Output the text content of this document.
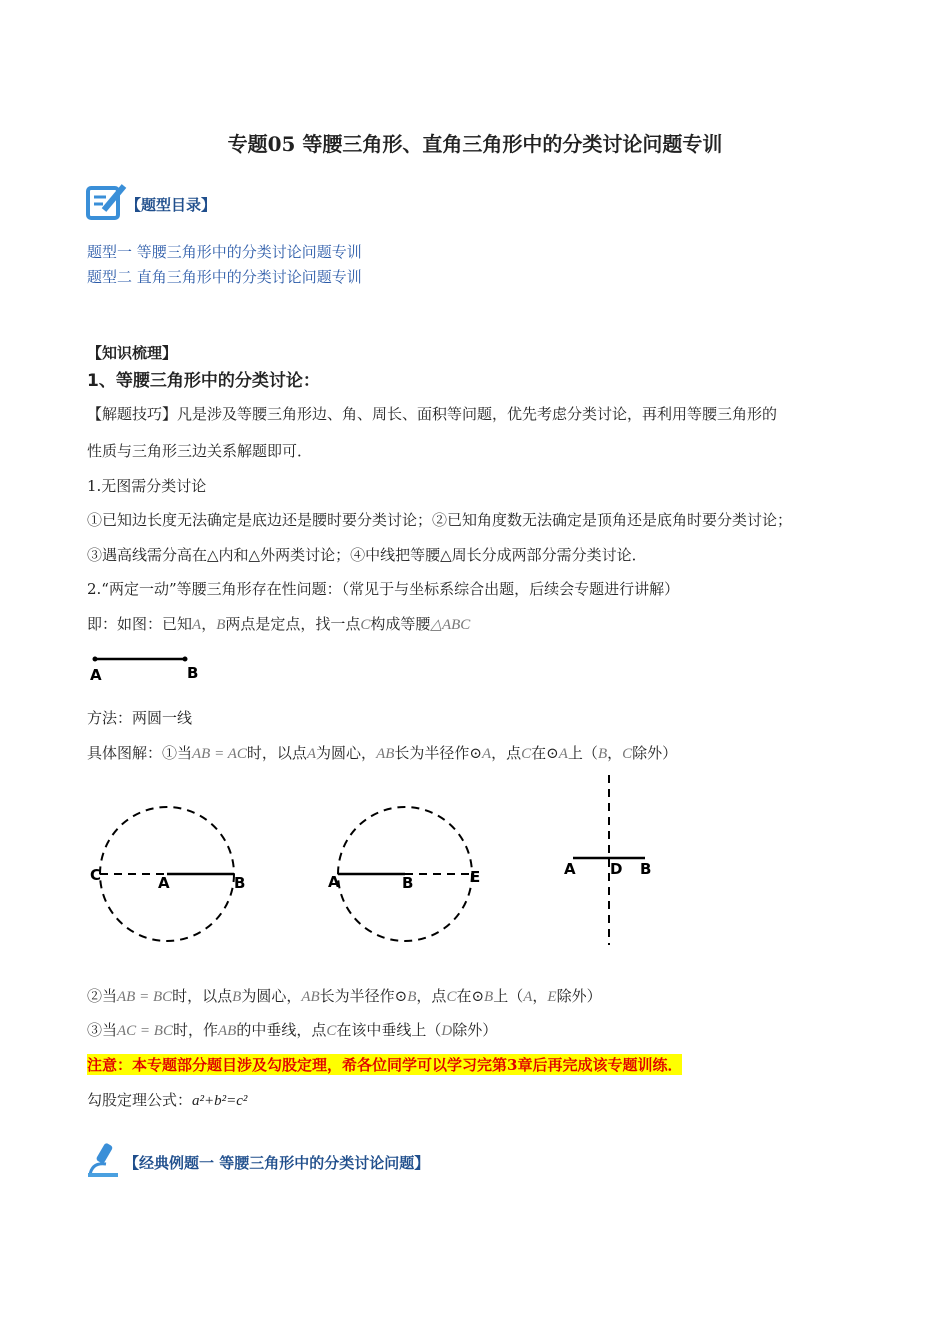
专题05 等腰三角形、直角三角形中的分类讨论问题专训
【题型目录】
题型一 等腰三角形中的分类讨论问题专训
题型二 直角三角形中的分类讨论问题专训
【知识梳理】
1、等腰三角形中的分类讨论：
【解题技巧】凡是涉及等腰三角形边、角、周长、面积等问题，优先考虑分类讨论，再利用等腰三角形的
性质与三角形三边关系解题即可．
1.无图需分类讨论
①已知边长度无法确定是底边还是腰时要分类讨论；②已知角度数无法确定是顶角还是底角时要分类讨论；
③遇高线需分高在△内和△外两类讨论；④中线把等腰△周长分成两部分需分类讨论．
2.“两定一动”等腰三角形存在性问题：（常见于与坐标系综合出题，后续会专题进行讲解）
即：如图：已知A，B两点是定点，找一点C构成等腰△ABC
A	B
方法：两圆一线
具体图解：①当AB = AC时，以点A为圆心，AB长为半径作⊙A，点C在⊙A上（B，C除外）
C	A	B	A	B	E	A D B
②当AB = BC时，以点B为圆心，AB长为半径作⊙B，点C在⊙B上（A，E除外）
③当AC = BC时，作AB的中垂线，点C在该中垂线上（D除外）
注意：本专题部分题目涉及勾股定理，希各位同学可以学习完第3章后再完成该专题训练．
勾股定理公式：a²+b²=c²
【经典例题一 等腰三角形中的分类讨论问题】
